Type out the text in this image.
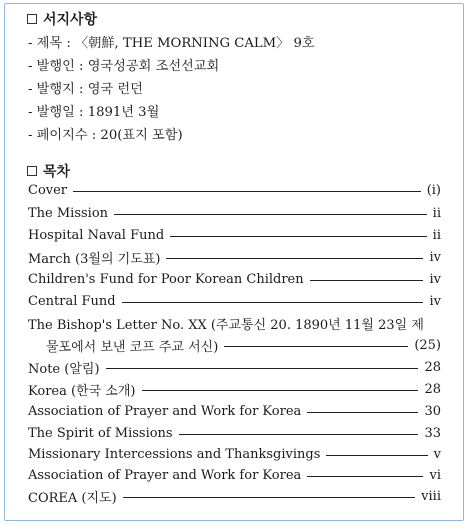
서지사항
- 제목 : 〈朝鮮, THE MORNING CALM〉 9호
- 발행인 : 영국성공회 조선선교회
- 발행지 : 영국 런던
- 발행일 : 1891년 3월
- 페이지수 : 20(표지 포함)
목차
Cover	(i)
The Mission	ii
Hospital Naval Fund	ii
March (3월의 기도표)	iv
Children's Fund for Poor Korean Children	iv
Central Fund	iv
The Bishop's Letter No. XX (주교통신 20. 1890년 11월 23일 제
물포에서 보낸 코프 주교 서신)	(25)
Note (알림)	28
Korea (한국 소개)	28
Association of Prayer and Work for Korea	30
The Spirit of Missions	33
Missionary Intercessions and Thanksgivings	v
Association of Prayer and Work for Korea	vi
COREA (지도)	viii
